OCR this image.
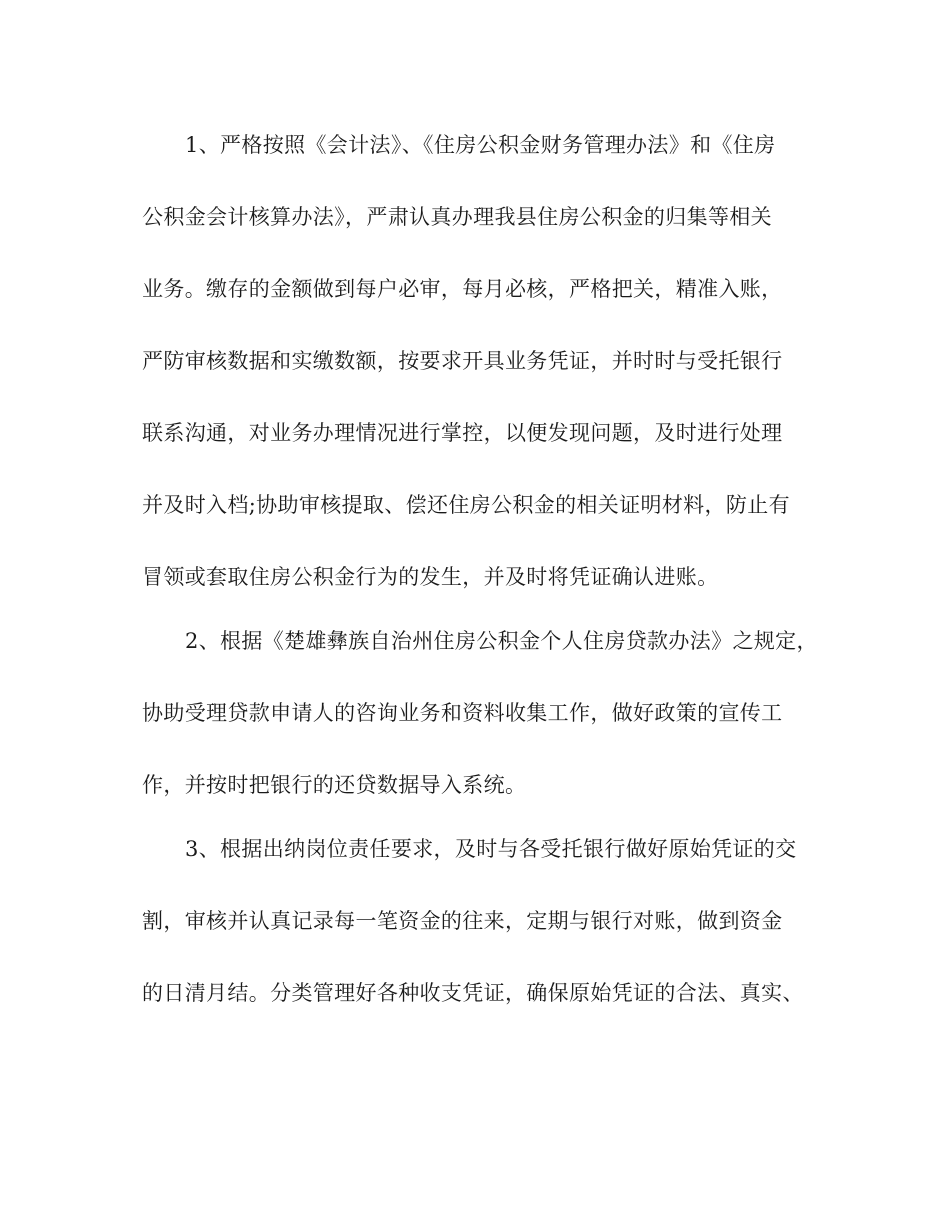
1、严格按照《会计法》、《住房公积金财务管理办法》和《住房
公积金会计核算办法》，严肃认真办理我县住房公积金的归集等相关
业务。缴存的金额做到每户必审，每月必核，严格把关，精准入账，
严防审核数据和实缴数额，按要求开具业务凭证，并时时与受托银行
联系沟通，对业务办理情况进行掌控，以便发现问题，及时进行处理
并及时入档;协助审核提取、偿还住房公积金的相关证明材料，防止有
冒领或套取住房公积金行为的发生，并及时将凭证确认进账。
2、根据《楚雄彝族自治州住房公积金个人住房贷款办法》之规定，
协助受理贷款申请人的咨询业务和资料收集工作，做好政策的宣传工
作，并按时把银行的还贷数据导入系统。
3、根据出纳岗位责任要求，及时与各受托银行做好原始凭证的交
割，审核并认真记录每一笔资金的往来，定期与银行对账，做到资金
的日清月结。分类管理好各种收支凭证，确保原始凭证的合法、真实、
